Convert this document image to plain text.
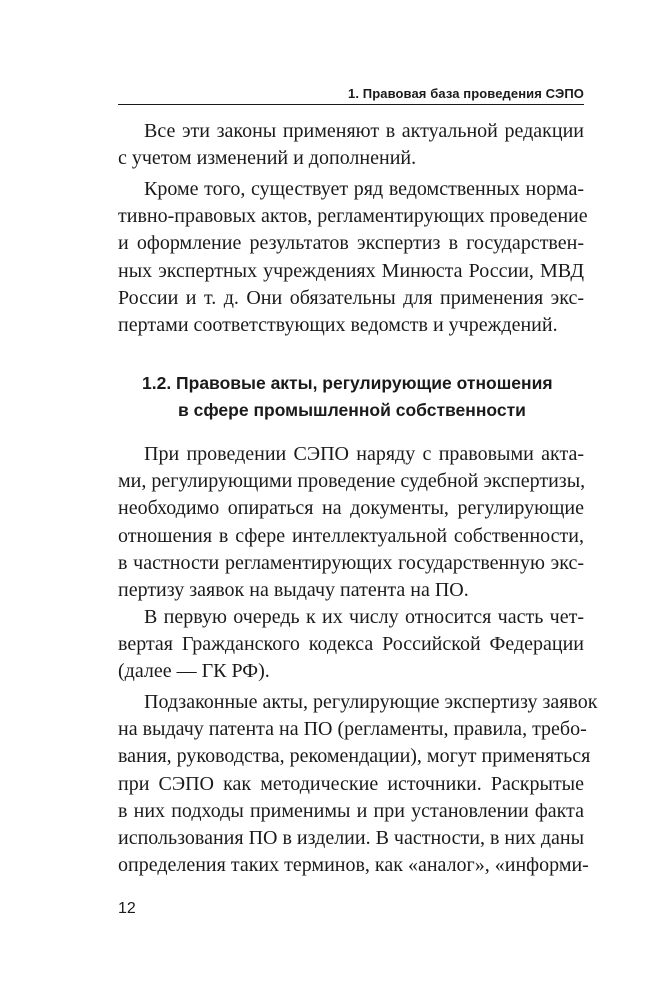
1. Правовая база проведения СЭПО
Все эти законы применяют в актуальной редакции
с учетом изменений и дополнений.
Кроме того, существует ряд ведомственных норма-
тивно-правовых актов, регламентирующих проведение
и оформление результатов экспертиз в государствен-
ных экспертных учреждениях Минюста России, МВД
России и т. д. Они обязательны для применения экс-
пертами соответствующих ведомств и учреждений.
1.2. Правовые акты, регулирующие отношения
в сфере промышленной собственности
При проведении СЭПО наряду с правовыми акта-
ми, регулирующими проведение судебной экспертизы,
необходимо опираться на документы, регулирующие
отношения в сфере интеллектуальной собственности,
в частности регламентирующих государственную экс-
пертизу заявок на выдачу патента на ПО.
В первую очередь к их числу относится часть чет-
вертая Гражданского кодекса Российской Федерации
(далее — ГК РФ).
Подзаконные акты, регулирующие экспертизу заявок
на выдачу патента на ПО (регламенты, правила, требо-
вания, руководства, рекомендации), могут применяться
при СЭПО как методические источники. Раскрытые
в них подходы применимы и при установлении факта
использования ПО в изделии. В частности, в них даны
определения таких терминов, как «аналог», «информи-
12
